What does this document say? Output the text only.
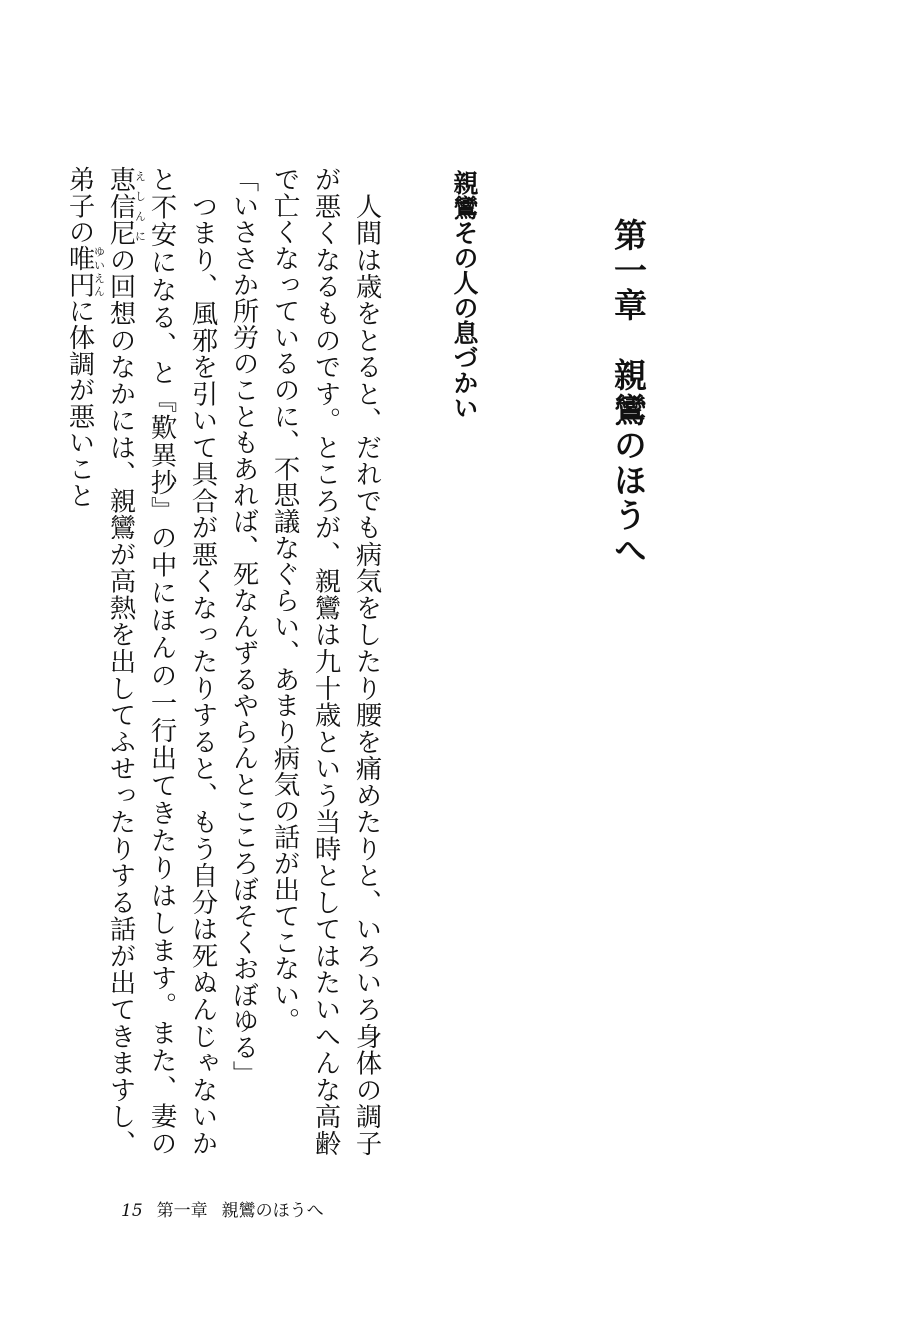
第一章　親鸞のほうへ
親鸞その人の息づかい

　人間は歳をとると、だれでも病気をしたり腰を痛めたりと、いろいろ身体の調子が悪くなるものです。ところが、親鸞は九十歳という当時としてはたいへんな高齢で亡くなっているのに、不思議なぐらい、あまり病気の話が出てこない。

「いささか所労のこともあれば、死なんずるやらんとこころぼそくおぼゆる」

　つまり、風邪を引いて具合が悪くなったりすると、もう自分は死ぬんじゃないかと不安になる、と『歎異抄』の中にほんの一行出てきたりはします。また、妻の恵信尼えしんにの回想のなかには、親鸞が高熱を出してふせったりする話が出てきますし、弟子の唯円ゆいえんに体調が悪いこと

15 第一章 親鸞のほうへ
